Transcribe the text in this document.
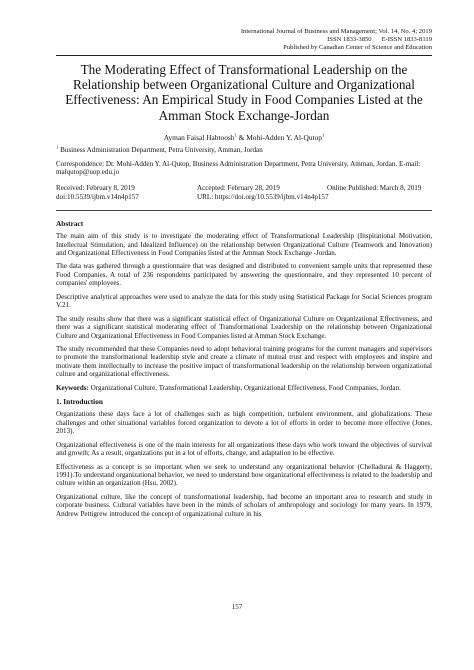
International Journal of Business and Management; Vol. 14, No. 4; 2019
ISSN 1833-3850      E-ISSN 1833-8119
Published by Canadian Center of Science and Education
The Moderating Effect of Transformational Leadership on the Relationship between Organizational Culture and Organizational Effectiveness: An Empirical Study in Food Companies Listed at the Amman Stock Exchange-Jordan
Ayman Faisal Habtoosh$^1$ & Mohi-Adden Y. Al-Qutop$^1$
$^1$ Business Administration Department, Petra University, Amman, Jordan
Correspondence: Dr. Mohi-Adden Y. Al-Qutop, Business Administration Department, Petra University, Amman, Jordan. E-mail: malqutop@uop.edu.jo
Received: February 8, 2019	Accepted: February 28, 2019	Online Published: March 8, 2019
doi:10.5539/ijbm.v14n4p157	URL: https://doi.org/10.5539/ijbm.v14n4p157
Abstract

The main aim of this study is to investigate the moderating effect of Transformational Leadership (Inspirational Motivation, Intellectual Stimulation, and Idealized Influence) on the relationship between Organizational Culture (Teamwork and Innovation) and Organizational Effectiveness in Food Companies listed at the Amman Stock Exchange -Jordan.

The data was gathered through a questionnaire that was designed and distributed to convenient sample units that represented these Food Companies. A total of 236 respondents participated by answering the questionnaire, and they represented 10 percent of companies' employees.

Descriptive analytical approaches were used to analyze the data for this study using Statistical Package for Social Sciences program V.21.

The study results show that there was a significant statistical effect of Organizational Culture on Organizational Effectiveness, and there was a significant statistical moderating effect of Transformational Leadership on the relationship between Organizational Culture and Organizational Effectiveness in Food Companies listed at Amman Stock Exchange.

The study recommended that these Companies need to adopt behavioral training programs for the current managers and supervisors to promote the transformational leadership style and create a climate of mutual trust and respect with employees and inspire and motivate them intellectually to increase the positive impact of transformational leadership on the relationship between organizational culture and organizational effectiveness.

Keywords: Organizational Culture, Transformational Leadership, Organizational Effectiveness, Food Companies, Jordan.

1. Introduction

Organizations these days face a lot of challenges such as high competition, turbulent environment, and globalizations. These challenges and other situational variables forced organization to devote a lot of efforts in order to become more effective (Jones, 2013).

Organizational effectiveness is one of the main interests for all organizations these days who work toward the objectives of survival and growth; As a result, organizations put in a lot of efforts, change, and adaptation to be effective.

Effectiveness as a concept is so important when we seek to understand any organizational behavior (Chelladurai & Haggerty, 1991).To understand organizational behavior, we need to understand how organizational effectiveness is related to the leadership and culture within an organization (Hsu, 2002).

Organizational culture, like the concept of transformational leadership, had become an important area to research and study in corporate business. Cultural variables have been in the minds of scholars of anthropology and sociology for many years. In 1979, Andrew Pettigrew introduced the concept of organizational culture in his

157
